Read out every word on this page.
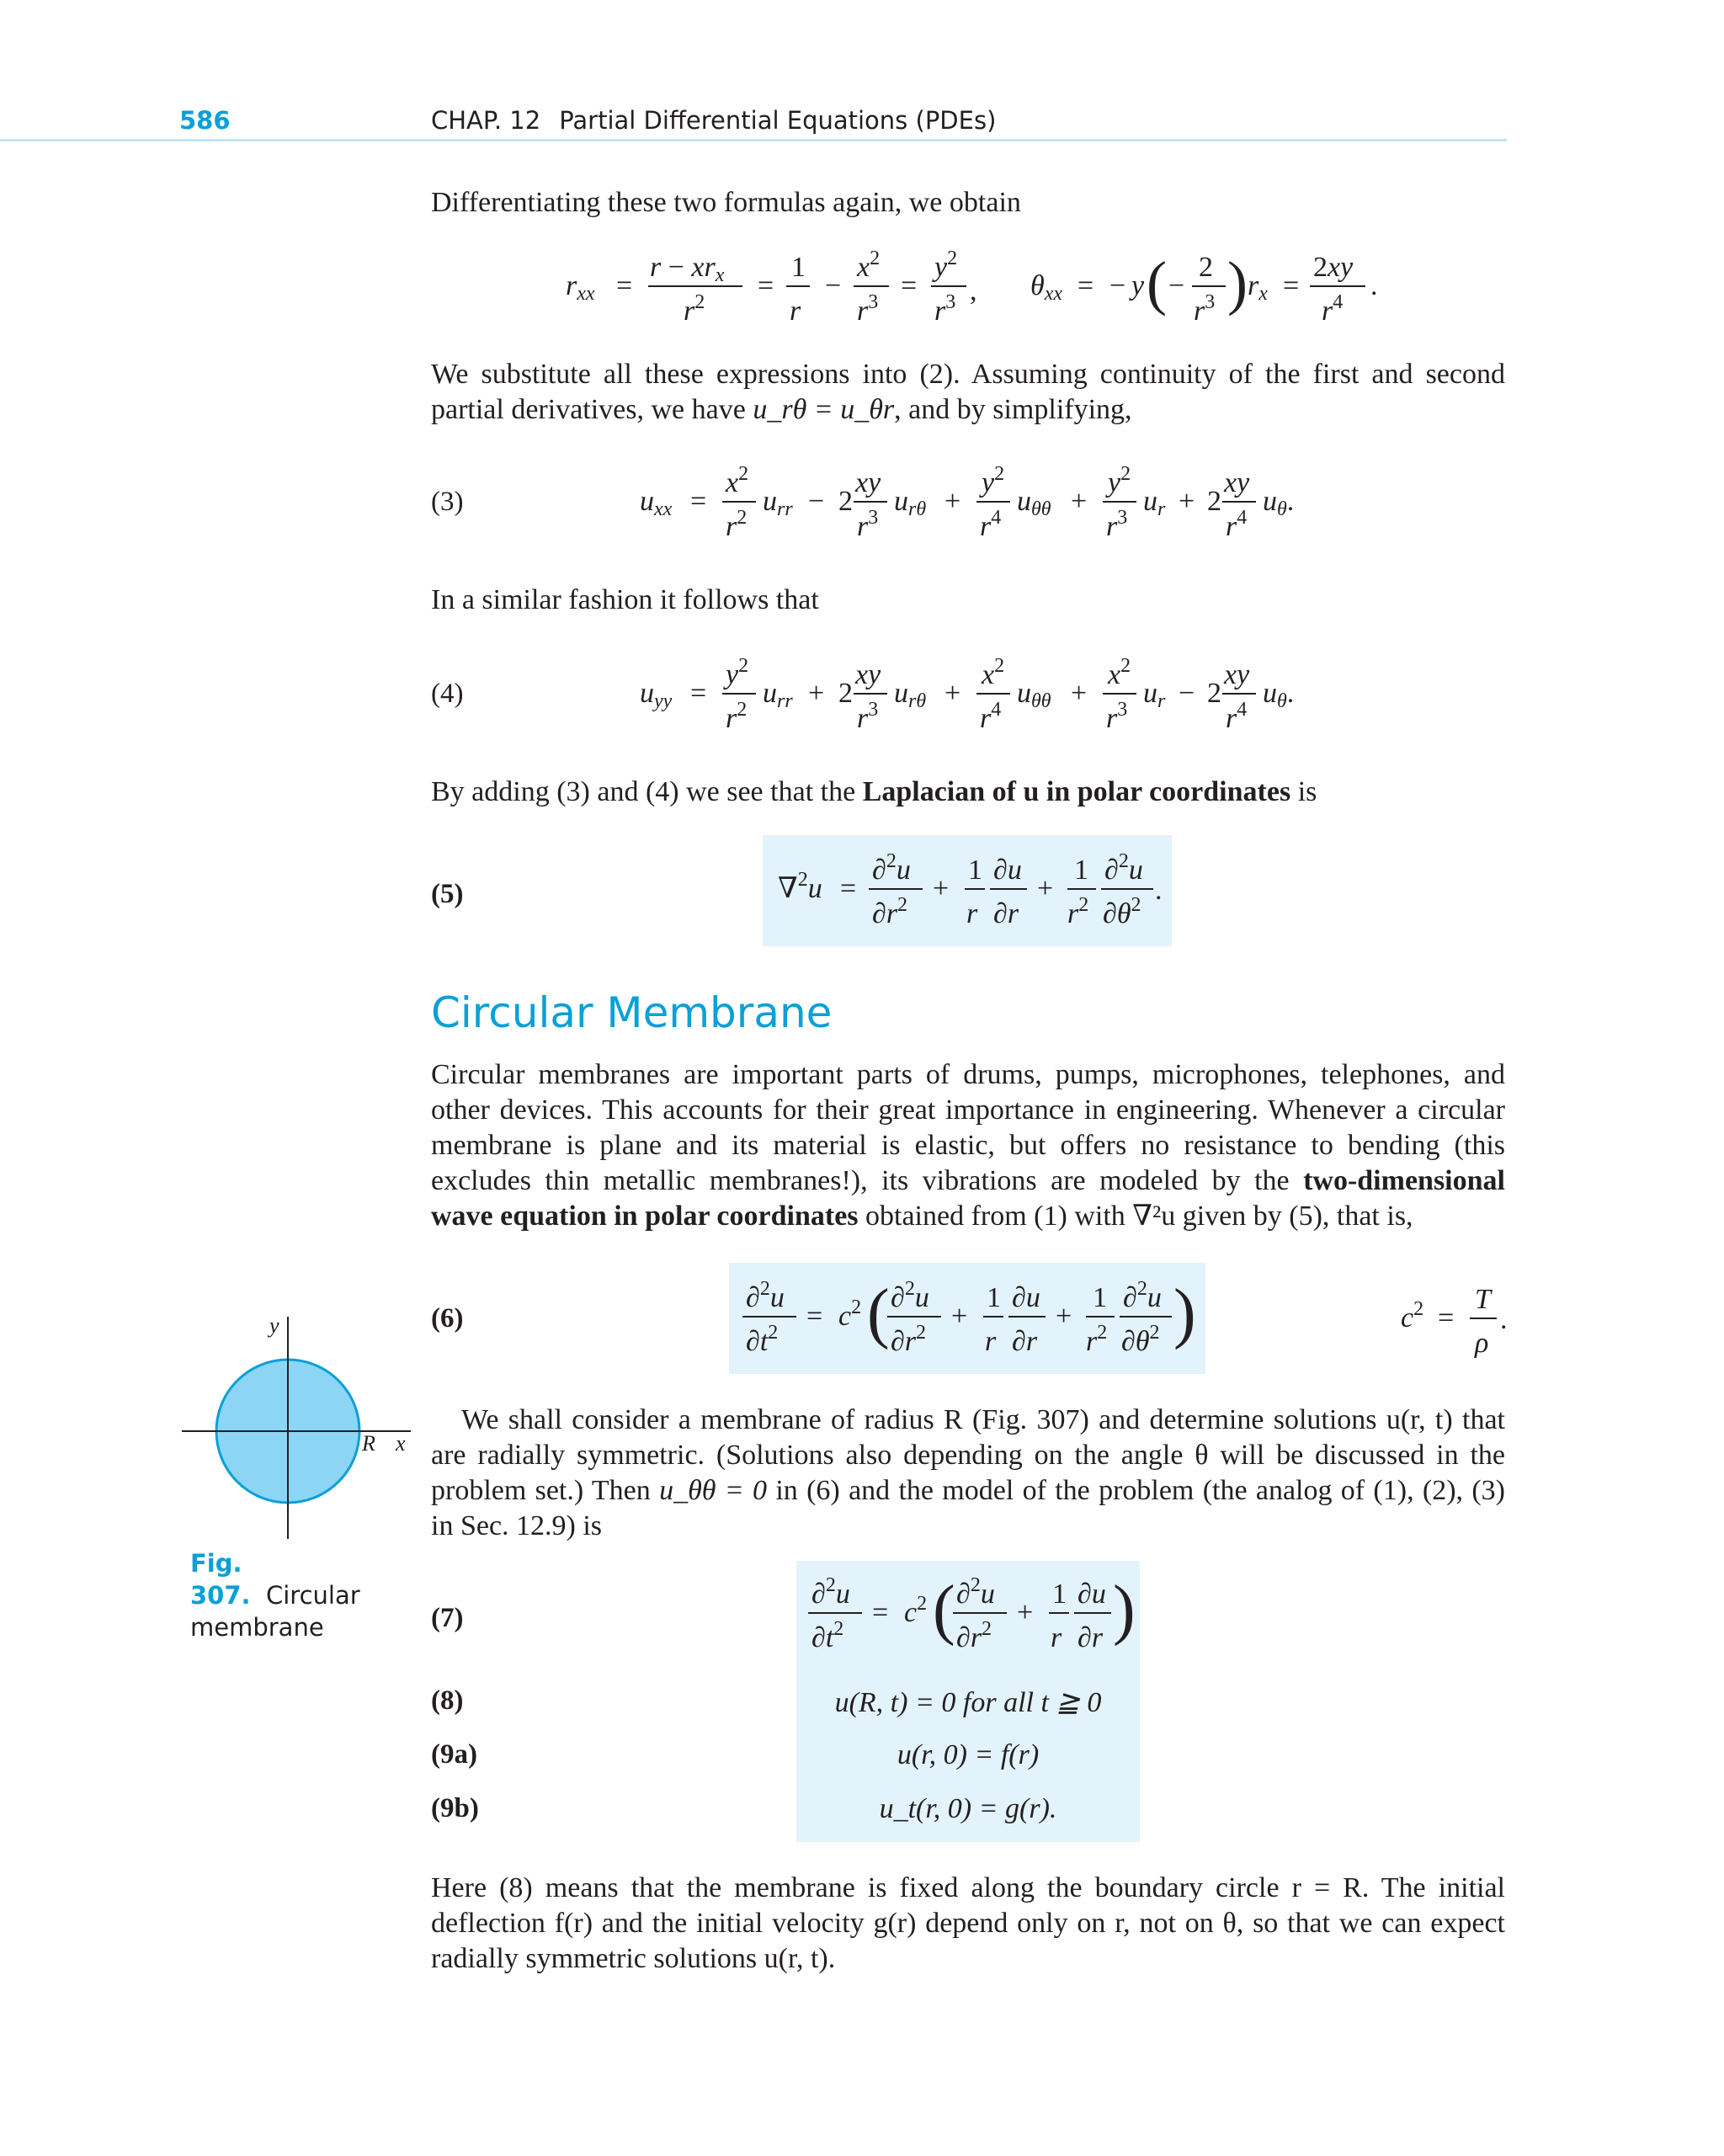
586	CHAP. 12 Partial Differential Equations (PDEs)
Differentiating these two formulas again, we obtain
rxx =
r − xrx
$r^2$
=
1
r
−
$x^2$
$r^3$
=
$y^2$
$r^3$ , θxx = − y ( −
2
$r^3$ ) rx =
2xy
$r^4$
.
We substitute all these expressions into (2). Assuming continuity of the first and second partial derivatives, we have u_rθ = u_θr, and by simplifying,
(3)	uxx =
$x^2$
$r^2$
urr − 2
xy
$r^3$
urθ +
$y^2$
$r^4$
uθθ +
$y^2$
$r^3$
ur + 2
xy
$r^4$
uθ.
In a similar fashion it follows that
(4)	uyy =
$y^2$
$r^2$
urr + 2
xy
$r^3$
urθ +
$x^2$
$r^4$
uθθ +
$x^2$
$r^3$
ur − 2
xy
$r^4$
uθ.
By adding (3) and (4) we see that the Laplacian of u in polar coordinates is
(5)	∇$^2$u =
∂$^2$u
$\partial r^2$
+
1
r
∂u
∂r
+
1
$r^2$
∂$^2$u
$\partial\theta^2$ .
Circular Membrane
Circular membranes are important parts of drums, pumps, microphones, telephones, and other devices. This accounts for their great importance in engineering. Whenever a circular membrane is plane and its material is elastic, but offers no resistance to bending (this excludes thin metallic membranes!), its vibrations are modeled by the two-dimensional wave equation in polar coordinates obtained from (1) with ∇²u given by (5), that is,
(6)
∂$^2$u
$\partial t^2$
= $c^2$ ( ∂$^2$u
$\partial r^2$
+
1
r
∂u
∂r
+
1
$r^2$
∂$^2$u
$\partial\theta^2$ )	$c^2$ =
T
ρ
.
y
x
R
Fig. 307. Circular membrane
We shall consider a membrane of radius R (Fig. 307) and determine solutions u(r, t) that are radially symmetric. (Solutions also depending on the angle θ will be discussed in the problem set.) Then u_θθ = 0 in (6) and the model of the problem (the analog of (1), (2), (3) in Sec. 12.9) is
(7)
∂$^2$u
$\partial t^2$
= $c^2$ ( ∂$^2$u
$\partial r^2$
+
1
r
∂u
∂r )
(8)	u(R, t) = 0 for all t ≧ 0
(9a)	u(r, 0) = f(r)
(9b)	u_t(r, 0) = g(r).
Here (8) means that the membrane is fixed along the boundary circle r = R. The initial deflection f(r) and the initial velocity g(r) depend only on r, not on θ, so that we can expect radially symmetric solutions u(r, t).
